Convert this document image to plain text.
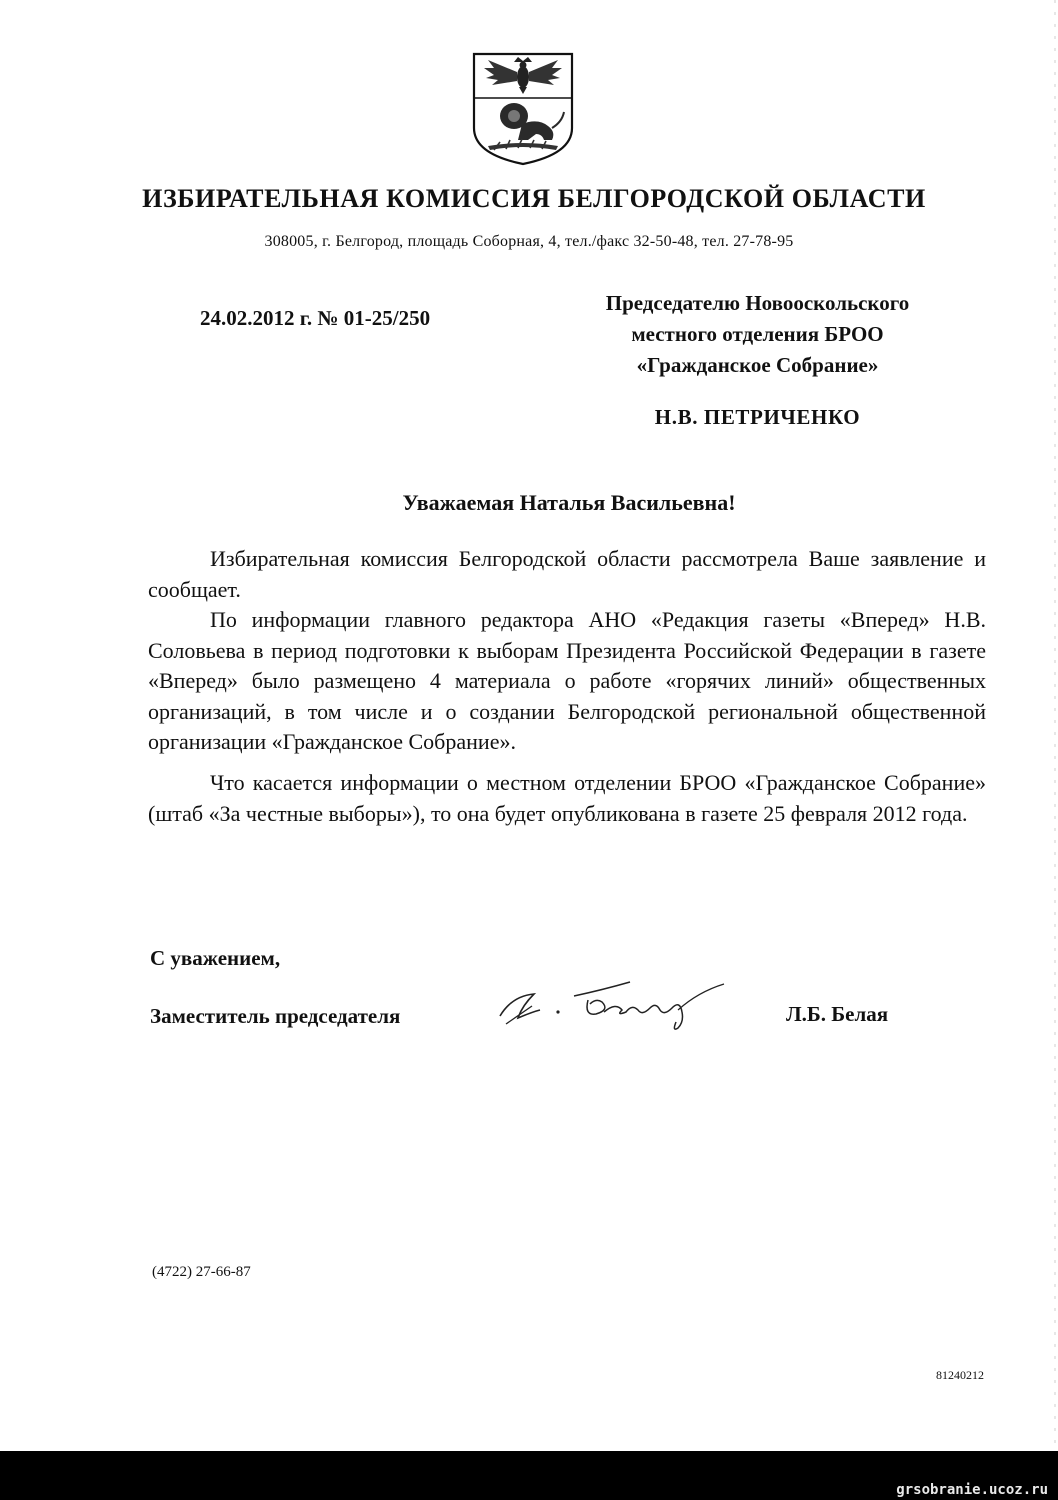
ИЗБИРАТЕЛЬНАЯ КОМИССИЯ БЕЛГОРОДСКОЙ ОБЛАСТИ
308005, г. Белгород, площадь Соборная, 4, тел./факс 32-50-48, тел. 27-78-95
24.02.2012 г. № 01-25/250
Председателю Новооскольского
местного отделения БРОО
«Гражданское Собрание»
Н.В. ПЕТРИЧЕНКО
Уважаемая Наталья Васильевна!
Избирательная комиссия Белгородской области рассмотрела Ваше заявление и сообщает.
По информации главного редактора АНО «Редакция газеты «Вперед» Н.В. Соловьева в период подготовки к выборам Президента Российской Федерации в газете «Вперед» было размещено 4 материала о работе «горячих линий» общественных организаций, в том числе и о создании Белгородской региональной общественной организации «Гражданское Собрание».
Что касается информации о местном отделении БРОО «Гражданское Собрание» (штаб «За честные выборы»), то она будет опубликована в газете 25 февраля 2012 года.
С уважением,
Заместитель председателя	Л.Б. Белая
(4722) 27-66-87
81240212
grsobranie.ucoz.ru
